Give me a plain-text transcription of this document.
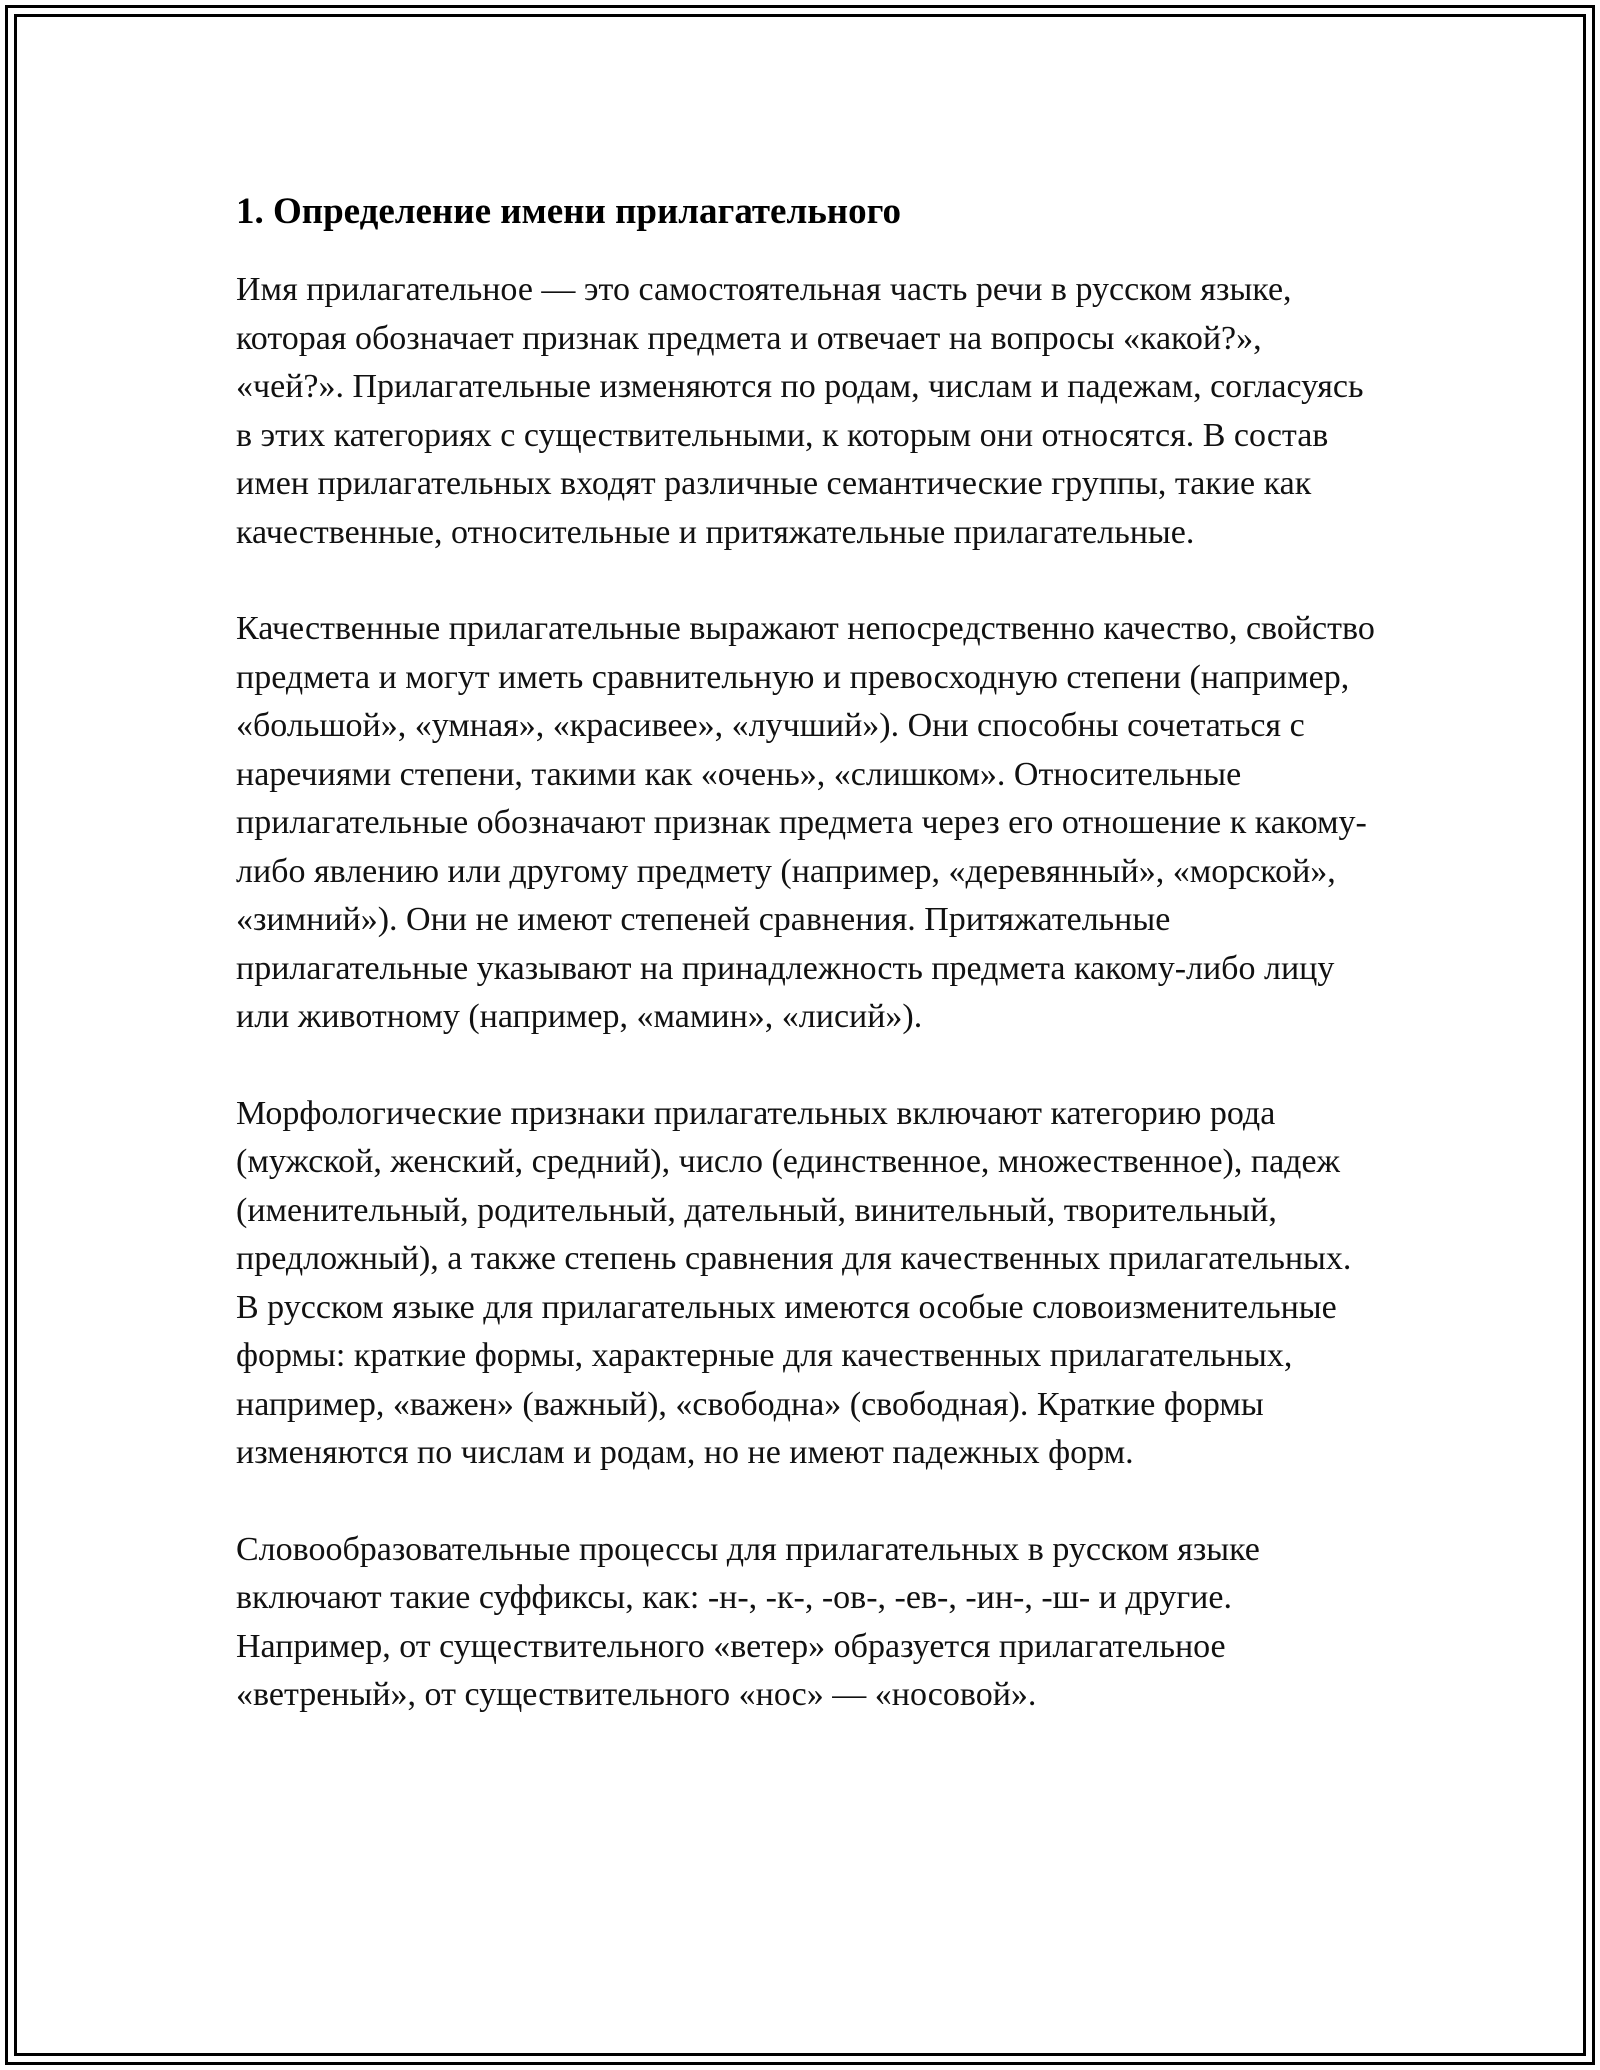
1. Определение имени прилагательного

Имя прилагательное — это самостоятельная часть речи в русском языке, которая обозначает признак предмета и отвечает на вопросы «какой?», «чей?». Прилагательные изменяются по родам, числам и падежам, согласуясь в этих категориях с существительными, к которым они относятся. В состав имен прилагательных входят различные семантические группы, такие как качественные, относительные и притяжательные прилагательные.

Качественные прилагательные выражают непосредственно качество, свойство предмета и могут иметь сравнительную и превосходную степени (например, «большой», «умная», «красивее», «лучший»). Они способны сочетаться с наречиями степени, такими как «очень», «слишком». Относительные прилагательные обозначают признак предмета через его отношение к какому-либо явлению или другому предмету (например, «деревянный», «морской», «зимний»). Они не имеют степеней сравнения. Притяжательные прилагательные указывают на принадлежность предмета какому-либо лицу или животному (например, «мамин», «лисий»).

Морфологические признаки прилагательных включают категорию рода (мужской, женский, средний), число (единственное, множественное), падеж (именительный, родительный, дательный, винительный, творительный, предложный), а также степень сравнения для качественных прилагательных. В русском языке для прилагательных имеются особые словоизменительные формы: краткие формы, характерные для качественных прилагательных, например, «важен» (важный), «свободна» (свободная). Краткие формы изменяются по числам и родам, но не имеют падежных форм.

Словообразовательные процессы для прилагательных в русском языке включают такие суффиксы, как: -н-, -к-, -ов-, -ев-, -ин-, -ш- и другие. Например, от существительного «ветер» образуется прилагательное «ветреный», от существительного «нос» — «носовой».
